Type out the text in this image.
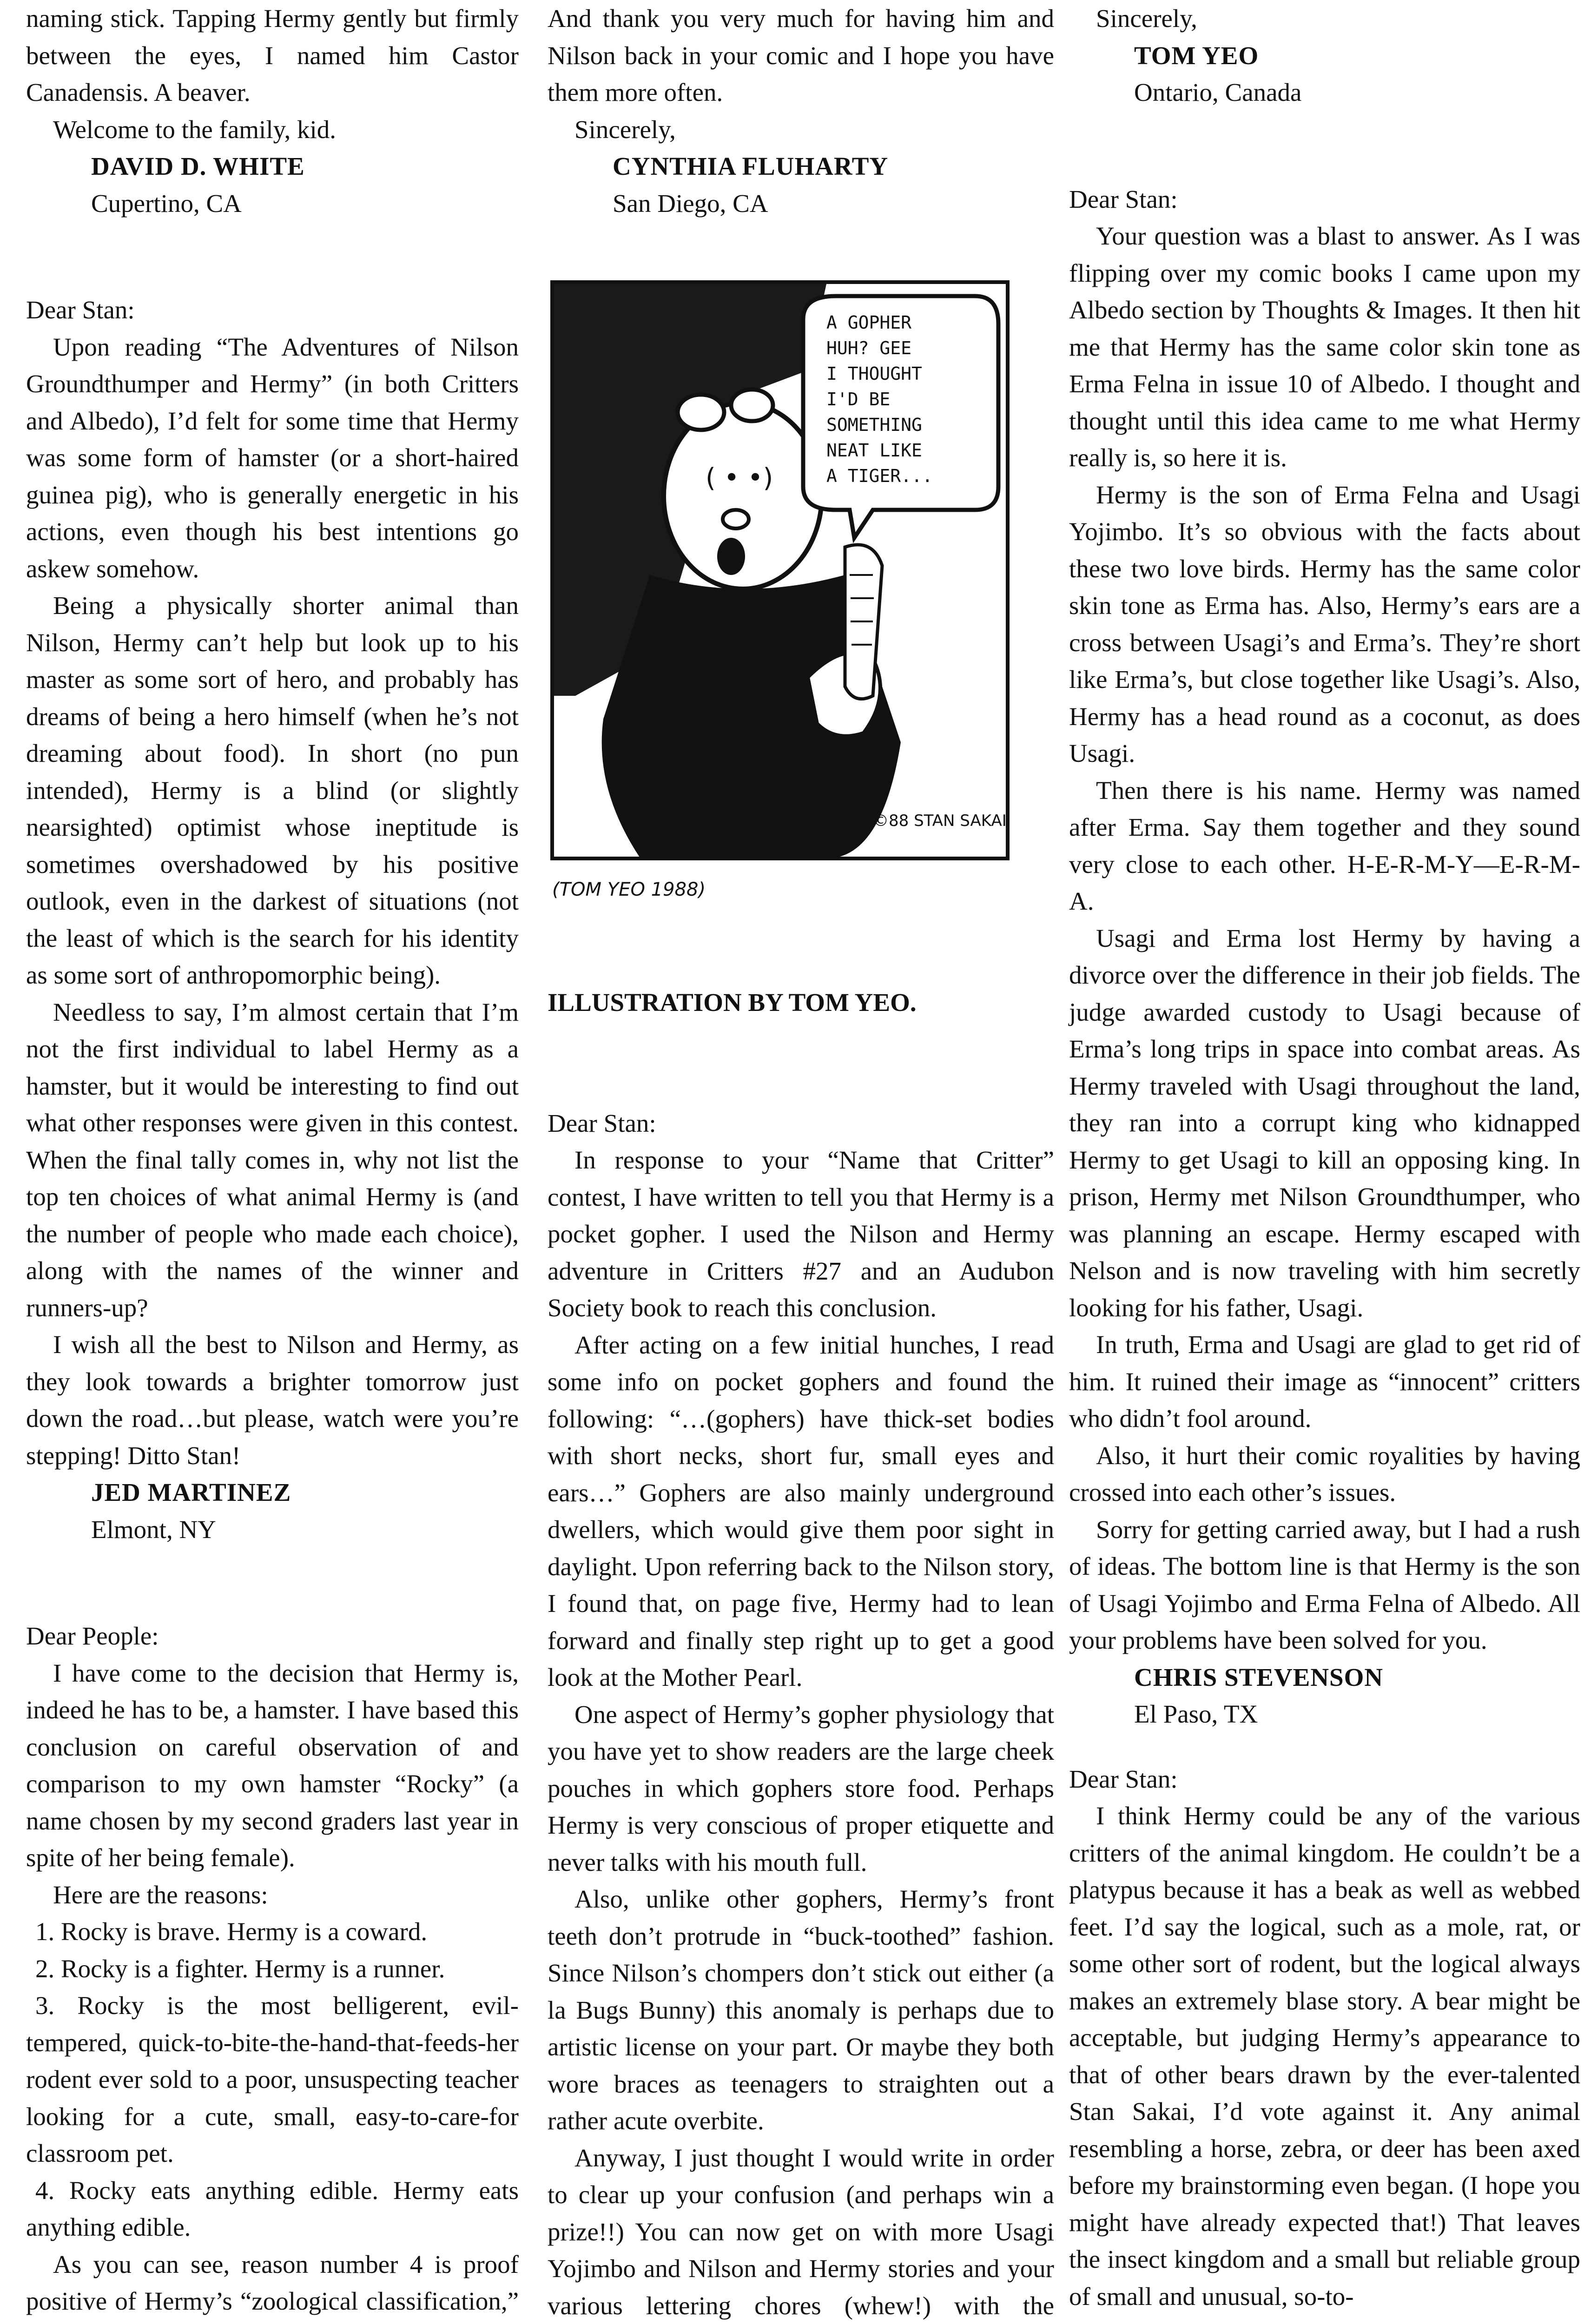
naming stick. Tapping Hermy gently but firmly between the eyes, I named him Castor Canadensis. A beaver.

Welcome to the family, kid.

DAVID D. WHITE
Cupertino, CA

Dear Stan:

Upon reading “The Adventures of Nilson Groundthumper and Hermy” (in both Critters and Albedo), I’d felt for some time that Hermy was some form of hamster (or a short-haired guinea pig), who is generally energetic in his actions, even though his best intentions go askew somehow.

Being a physically shorter animal than Nilson, Hermy can’t help but look up to his master as some sort of hero, and probably has dreams of being a hero himself (when he’s not dreaming about food). In short (no pun intended), Hermy is a blind (or slightly nearsighted) optimist whose ineptitude is sometimes overshadowed by his positive outlook, even in the darkest of situations (not the least of which is the search for his identity as some sort of anthropomorphic being).

Needless to say, I’m almost certain that I’m not the first individual to label Hermy as a hamster, but it would be interesting to find out what other responses were given in this contest. When the final tally comes in, why not list the top ten choices of what animal Hermy is (and the number of people who made each choice), along with the names of the winner and runners-up?

I wish all the best to Nilson and Hermy, as they look towards a brighter tomorrow just down the road…but please, watch were you’re stepping! Ditto Stan!

JED MARTINEZ
Elmont, NY

Dear People:

I have come to the decision that Hermy is, indeed he has to be, a hamster. I have based this conclusion on careful observation of and comparison to my own hamster “Rocky” (a name chosen by my second graders last year in spite of her being female).

Here are the reasons:

1. Rocky is brave. Hermy is a coward.
2. Rocky is a fighter. Hermy is a runner.
3. Rocky is the most belligerent, evil-tempered, quick-to-bite-the-hand-that-feeds-her rodent ever sold to a poor, unsuspecting teacher looking for a cute, small, easy-to-care-for classroom pet.
4. Rocky eats anything edible. Hermy eats anything edible.

As you can see, reason number 4 is proof positive of Hermy’s “zoological classification,”

And thank you very much for having him and Nilson back in your comic and I hope you have them more often.

Sincerely,

CYNTHIA FLUHARTY
San Diego, CA
( • •)
A GOPHER
HUH? GEE
I THOUGHT
I'D BE
SOMETHING
NEAT LIKE
A TIGER...
©88 STAN SAKAI
(TOM YEO 1988)
ILLUSTRATION BY TOM YEO.

Dear Stan:

In response to your “Name that Critter” contest, I have written to tell you that Hermy is a pocket gopher. I used the Nilson and Hermy adventure in Critters #27 and an Audubon Society book to reach this conclusion.

After acting on a few initial hunches, I read some info on pocket gophers and found the following: “…(gophers) have thick-set bodies with short necks, short fur, small eyes and ears…” Gophers are also mainly underground dwellers, which would give them poor sight in daylight. Upon referring back to the Nilson story, I found that, on page five, Hermy had to lean forward and finally step right up to get a good look at the Mother Pearl.

One aspect of Hermy’s gopher physiology that you have yet to show readers are the large cheek pouches in which gophers store food. Perhaps Hermy is very conscious of proper etiquette and never talks with his mouth full.

Also, unlike other gophers, Hermy’s front teeth don’t protrude in “buck-toothed” fashion. Since Nilson’s chompers don’t stick out either (a la Bugs Bunny) this anomaly is perhaps due to artistic license on your part. Or maybe they both wore braces as teenagers to straighten out a rather acute overbite.

Anyway, I just thought I would write in order to clear up your confusion (and perhaps win a prize!!) You can now get on with more Usagi Yojimbo and Nilson and Hermy stories and your various lettering chores (whew!) with the

Sincerely,

TOM YEO
Ontario, Canada

Dear Stan:

Your question was a blast to answer. As I was flipping over my comic books I came upon my Albedo section by Thoughts & Images. It then hit me that Hermy has the same color skin tone as Erma Felna in issue 10 of Albedo. I thought and thought until this idea came to me what Hermy really is, so here it is.

Hermy is the son of Erma Felna and Usagi Yojimbo. It’s so obvious with the facts about these two love birds. Hermy has the same color skin tone as Erma has. Also, Hermy’s ears are a cross between Usagi’s and Erma’s. They’re short like Erma’s, but close together like Usagi’s. Also, Hermy has a head round as a coconut, as does Usagi.

Then there is his name. Hermy was named after Erma. Say them together and they sound very close to each other. H-E-R-M-Y—E-R-M-A.

Usagi and Erma lost Hermy by having a divorce over the difference in their job fields. The judge awarded custody to Usagi because of Erma’s long trips in space into combat areas. As Hermy traveled with Usagi throughout the land, they ran into a corrupt king who kidnapped Hermy to get Usagi to kill an opposing king. In prison, Hermy met Nilson Groundthumper, who was planning an escape. Hermy escaped with Nelson and is now traveling with him secretly looking for his father, Usagi.

In truth, Erma and Usagi are glad to get rid of him. It ruined their image as “innocent” critters who didn’t fool around.

Also, it hurt their comic royalities by having crossed into each other’s issues.

Sorry for getting carried away, but I had a rush of ideas. The bottom line is that Hermy is the son of Usagi Yojimbo and Erma Felna of Albedo. All your problems have been solved for you.

CHRIS STEVENSON
El Paso, TX

Dear Stan:

I think Hermy could be any of the various critters of the animal kingdom. He couldn’t be a platypus because it has a beak as well as webbed feet. I’d say the logical, such as a mole, rat, or some other sort of rodent, but the logical always makes an extremely blase story. A bear might be acceptable, but judging Hermy’s appearance to that of other bears drawn by the ever-talented Stan Sakai, I’d vote against it. Any animal resembling a horse, zebra, or deer has been axed before my brainstorming even began. (I hope you might have already expected that!) That leaves the insect kingdom and a small but reliable group of small and unusual, so-to-
